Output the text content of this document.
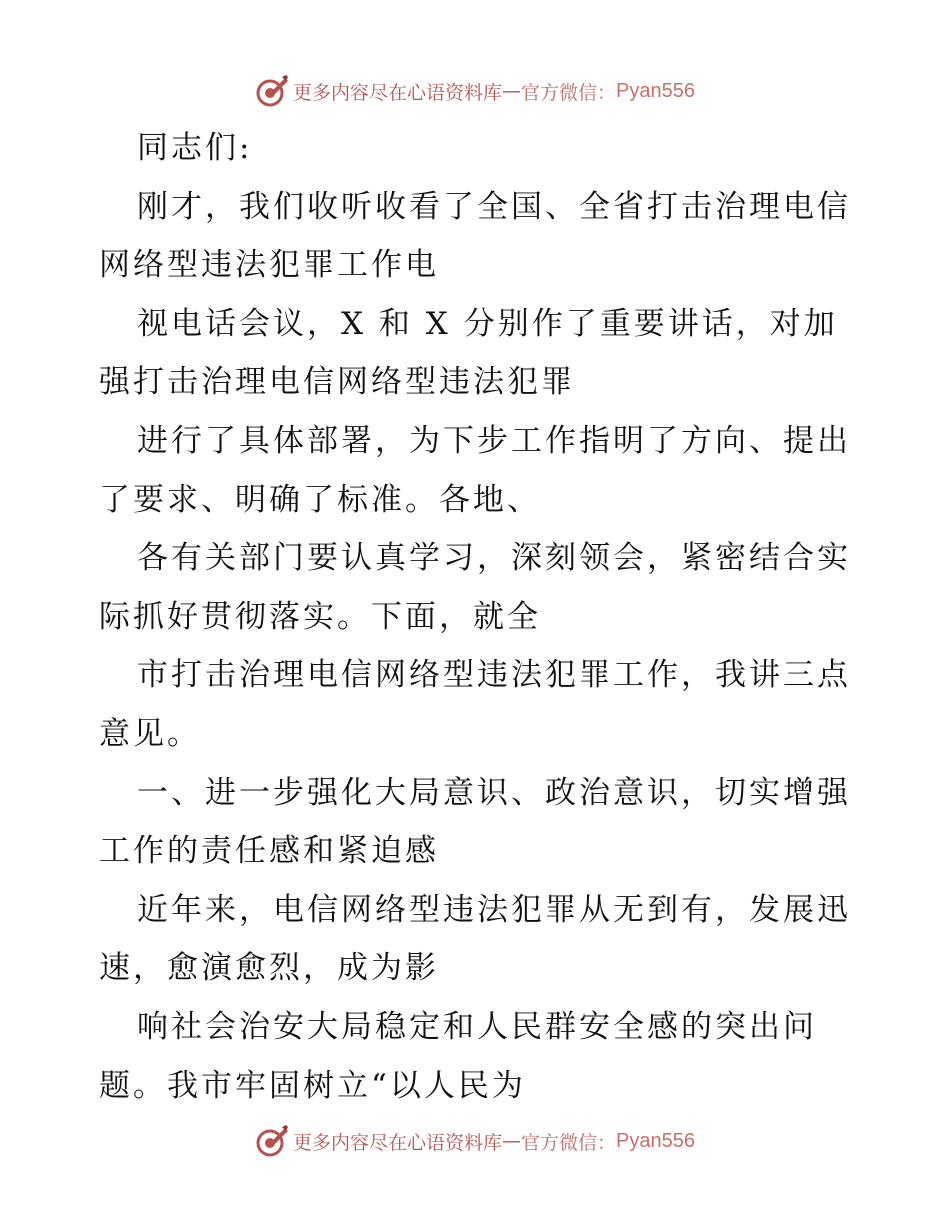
更多内容尽在心语资料库 — 官方微信： Pyan556
同志们:
刚才，我们收听收看了全国、全省打击治理电信
网络型违法犯罪工作电
视电话会议，X 和 X 分别作了重要讲话，对加
强打击治理电信网络型违法犯罪
进行了具体部署，为下步工作指明了方向、提出
了要求、明确了标准。各地、
各有关部门要认真学习，深刻领会，紧密结合实
际抓好贯彻落实。下面，就全
市打击治理电信网络型违法犯罪工作，我讲三点
意见。
一、进一步强化大局意识、政治意识，切实增强
工作的责任感和紧迫感
近年来，电信网络型违法犯罪从无到有，发展迅
速，愈演愈烈，成为影
响社会治安大局稳定和人民群安全感的突出问
题。我市牢固树立“以人民为
更多内容尽在心语资料库 — 官方微信： Pyan556
